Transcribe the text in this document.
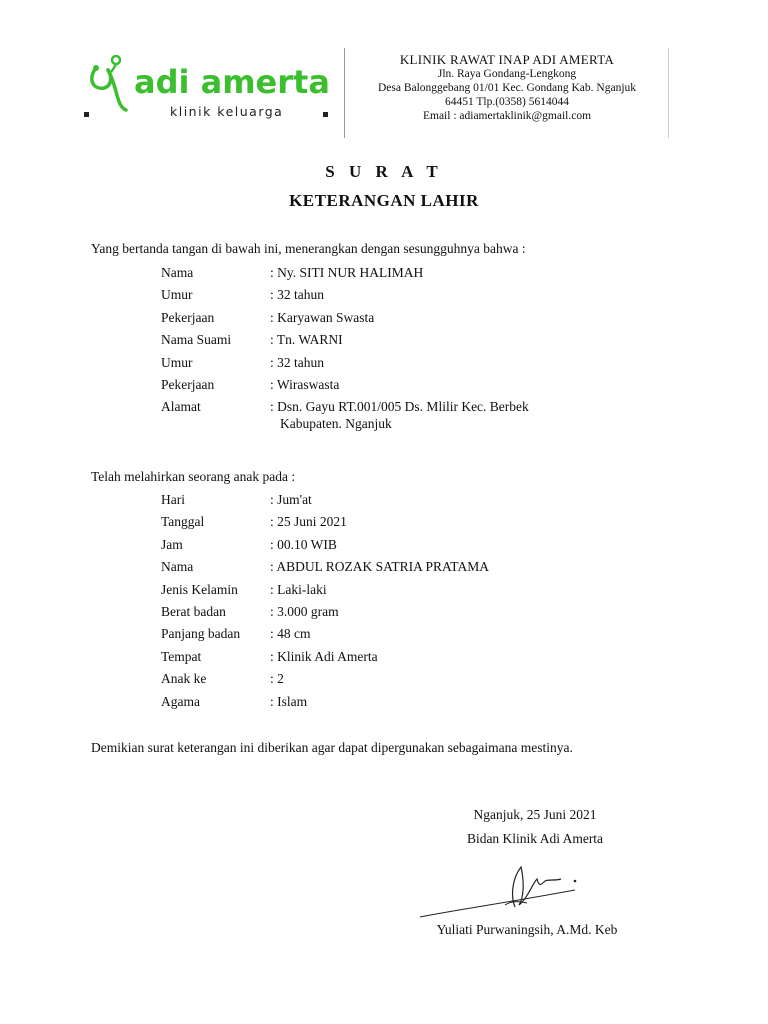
adi amerta
klinik keluarga
KLINIK RAWAT INAP ADI AMERTA
Jln. Raya Gondang-Lengkong
Desa Balonggebang 01/01 Kec. Gondang Kab. Nganjuk
64451 Tlp.(0358) 5614044
Email : adiamertaklinik@gmail.com
S U R A T
KETERANGAN LAHIR
Yang bertanda tangan di bawah ini, menerangkan dengan sesungguhnya bahwa :
Nama	: Ny. SITI NUR HALIMAH
Umur	: 32 tahun
Pekerjaan	: Karyawan Swasta
Nama Suami	: Tn. WARNI
Umur	: 32 tahun
Pekerjaan	: Wiraswasta
Alamat	: Dsn. Gayu RT.001/005 Ds. Mlilir Kec. Berbek
Kabupaten. Nganjuk
Telah melahirkan seorang anak pada :
Hari	: Jum'at
Tanggal	: 25 Juni 2021
Jam	: 00.10 WIB
Nama	: ABDUL ROZAK SATRIA PRATAMA
Jenis Kelamin : Laki-laki
Berat badan	: 3.000 gram
Panjang badan : 48 cm
Tempat	: Klinik Adi Amerta
Anak ke	: 2
Agama	: Islam
Demikian surat keterangan ini diberikan agar dapat dipergunakan sebagaimana mestinya.
Nganjuk, 25 Juni 2021
Bidan Klinik Adi Amerta
Yuliati Purwaningsih, A.Md. Keb
